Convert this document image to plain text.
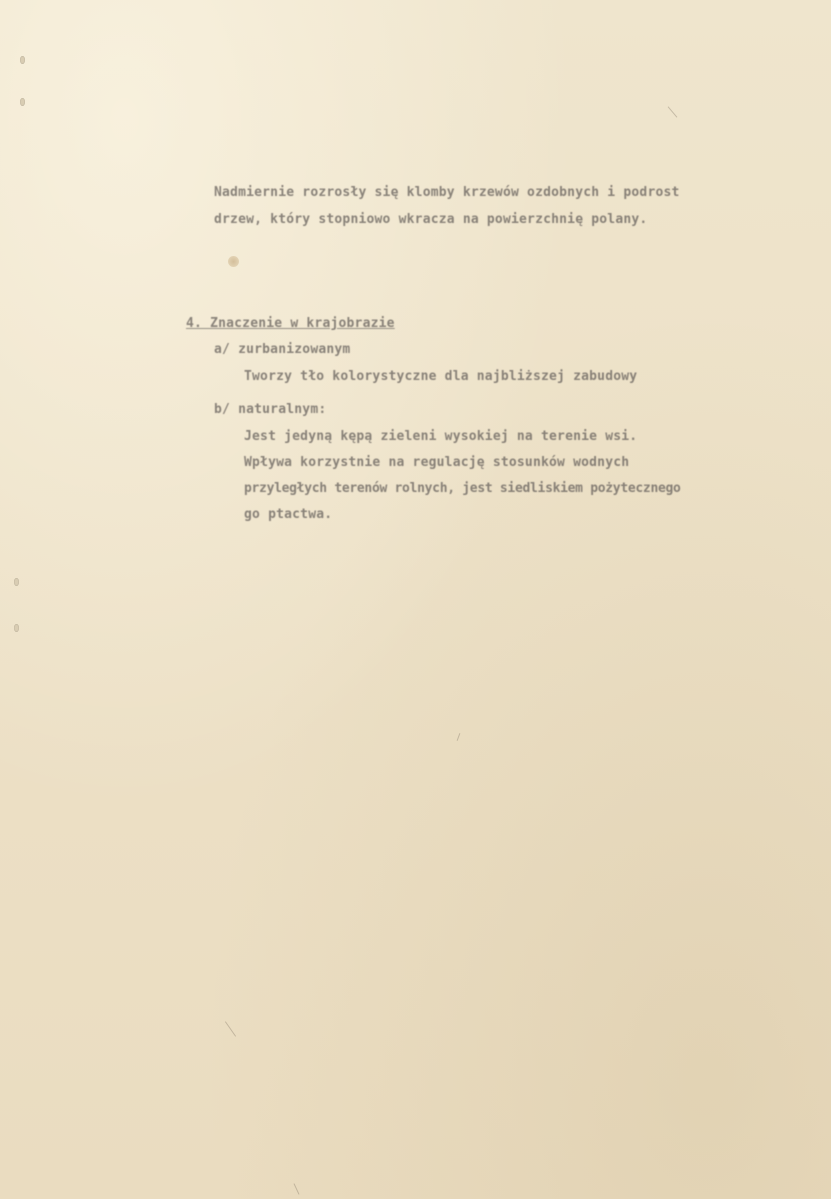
Nadmiernie rozrosły się klomby krzewów ozdobnych i podrost
drzew, który stopniowo wkracza na powierzchnię polany.
4. Znaczenie w krajobrazie
a/ zurbanizowanym
Tworzy tło kolorystyczne dla najbliższej zabudowy
b/ naturalnym:
Jest jedyną kępą zieleni wysokiej na terenie wsi.
Wpływa korzystnie na regulację stosunków wodnych
przyległych terenów rolnych, jest siedliskiem pożytecznego
go ptactwa.
